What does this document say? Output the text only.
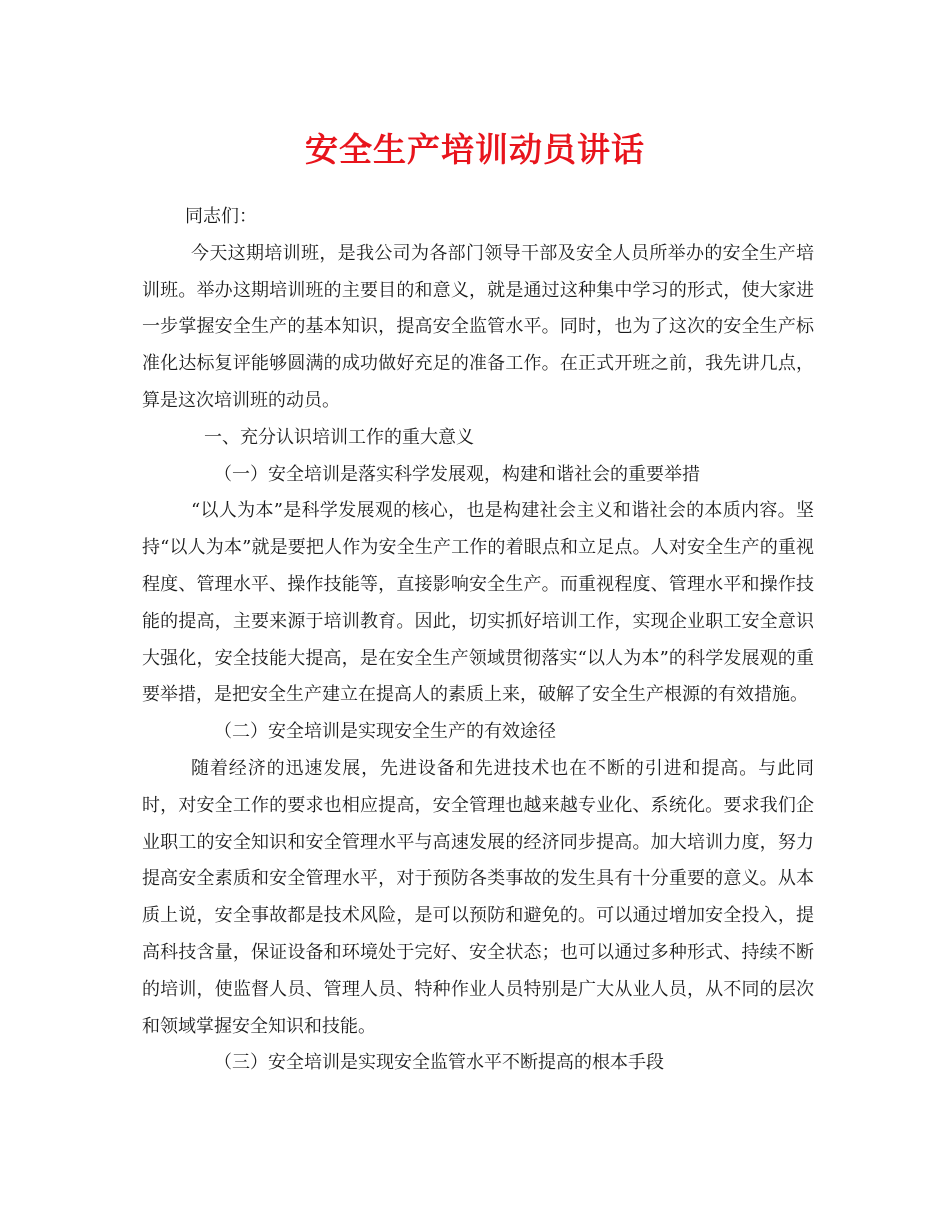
安全生产培训动员讲话

同志们：

今天这期培训班，是我公司为各部门领导干部及安全人员所举办的安全生产培训班。举办这期培训班的主要目的和意义，就是通过这种集中学习的形式，使大家进一步掌握安全生产的基本知识，提高安全监管水平。同时，也为了这次的安全生产标准化达标复评能够圆满的成功做好充足的准备工作。在正式开班之前，我先讲几点，算是这次培训班的动员。

一、充分认识培训工作的重大意义

（一）安全培训是落实科学发展观，构建和谐社会的重要举措

“以人为本”是科学发展观的核心，也是构建社会主义和谐社会的本质内容。坚持“以人为本”就是要把人作为安全生产工作的着眼点和立足点。人对安全生产的重视程度、管理水平、操作技能等，直接影响安全生产。而重视程度、管理水平和操作技能的提高，主要来源于培训教育。因此，切实抓好培训工作，实现企业职工安全意识大强化，安全技能大提高，是在安全生产领域贯彻落实“以人为本”的科学发展观的重要举措，是把安全生产建立在提高人的素质上来，破解了安全生产根源的有效措施。

（二）安全培训是实现安全生产的有效途径

随着经济的迅速发展，先进设备和先进技术也在不断的引进和提高。与此同时，对安全工作的要求也相应提高，安全管理也越来越专业化、系统化。要求我们企业职工的安全知识和安全管理水平与高速发展的经济同步提高。加大培训力度，努力提高安全素质和安全管理水平，对于预防各类事故的发生具有十分重要的意义。从本质上说，安全事故都是技术风险，是可以预防和避免的。可以通过增加安全投入，提高科技含量，保证设备和环境处于完好、安全状态；也可以通过多种形式、持续不断的培训，使监督人员、管理人员、特种作业人员特别是广大从业人员，从不同的层次和领域掌握安全知识和技能。

（三）安全培训是实现安全监管水平不断提高的根本手段
